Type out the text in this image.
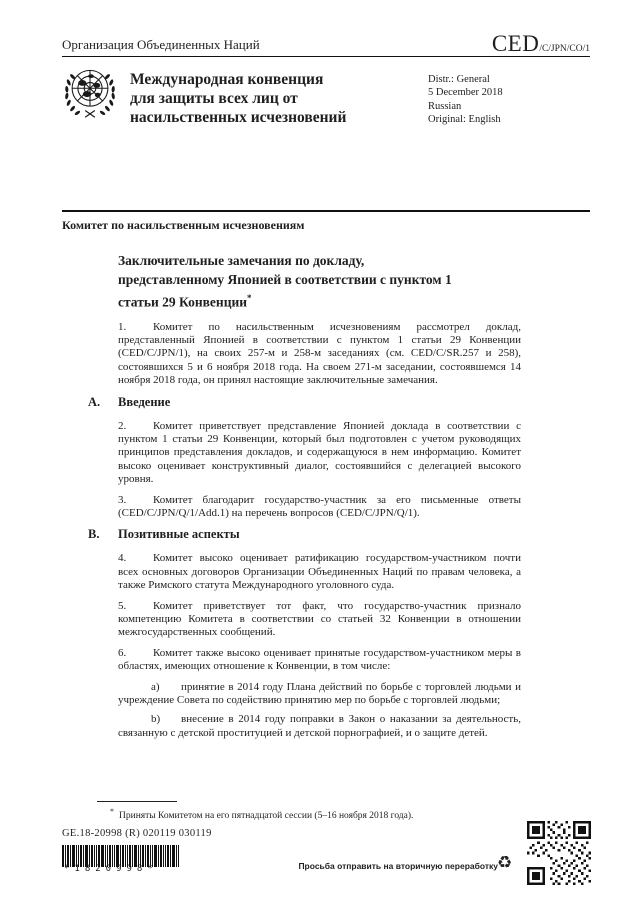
Организация Объединенных Наций	CED/C/JPN/CO/1
Международная конвенция
для защиты всех лиц от
насильственных исчезновений
Distr.: General
5 December 2018
Russian
Original: English
Комитет по насильственным исчезновениям
Заключительные замечания по докладу,
представленному Японией в соответствии с пунктом 1
статьи 29 Конвенции*

1. Комитет по насильственным исчезновениям рассмотрел доклад, представленный Японией в соответствии с пунктом 1 статьи 29 Конвенции (CED/C/JPN/1), на своих 257-м и 258-м заседаниях (см. CED/C/SR.257 и 258), состоявшихся 5 и 6 ноября 2018 года. На своем 271-м заседании, состоявшемся 14 ноября 2018 года, он принял настоящие заключительные замечания.

A. Введение

2. Комитет приветствует представление Японией доклада в соответствии с пунктом 1 статьи 29 Конвенции, который был подготовлен с учетом руководящих принципов представления докладов, и содержащуюся в нем информацию. Комитет высоко оценивает конструктивный диалог, состоявшийся с делегацией высокого уровня.

3. Комитет благодарит государство-участник за его письменные ответы (CED/C/JPN/Q/1/Add.1) на перечень вопросов (CED/C/JPN/Q/1).

B. Позитивные аспекты

4. Комитет высоко оценивает ратификацию государством-участником почти всех основных договоров Организации Объединенных Наций по правам человека, а также Римского статута Международного уголовного суда.

5. Комитет приветствует тот факт, что государство-участник признало компетенцию Комитета в соответствии со статьей 32 Конвенции в отношении межгосударственных сообщений.

6. Комитет также высоко оценивает принятые государством-участником меры в областях, имеющих отношение к Конвенции, в том числе:

a) принятие в 2014 году Плана действий по борьбе с торговлей людьми и учреждение Совета по содействию принятию мер по борьбе с торговлей людьми;

b) внесение в 2014 году поправки в Закон о наказании за деятельность, связанную с детской проституцией и детской порнографией, и о защите детей.

* Приняты Комитетом на его пятнадцатой сессии (5–16 ноября 2018 года).
GE.18-20998 (R) 020119 030119
*1820998*	Просьба отправить на вторичную переработку ♻
